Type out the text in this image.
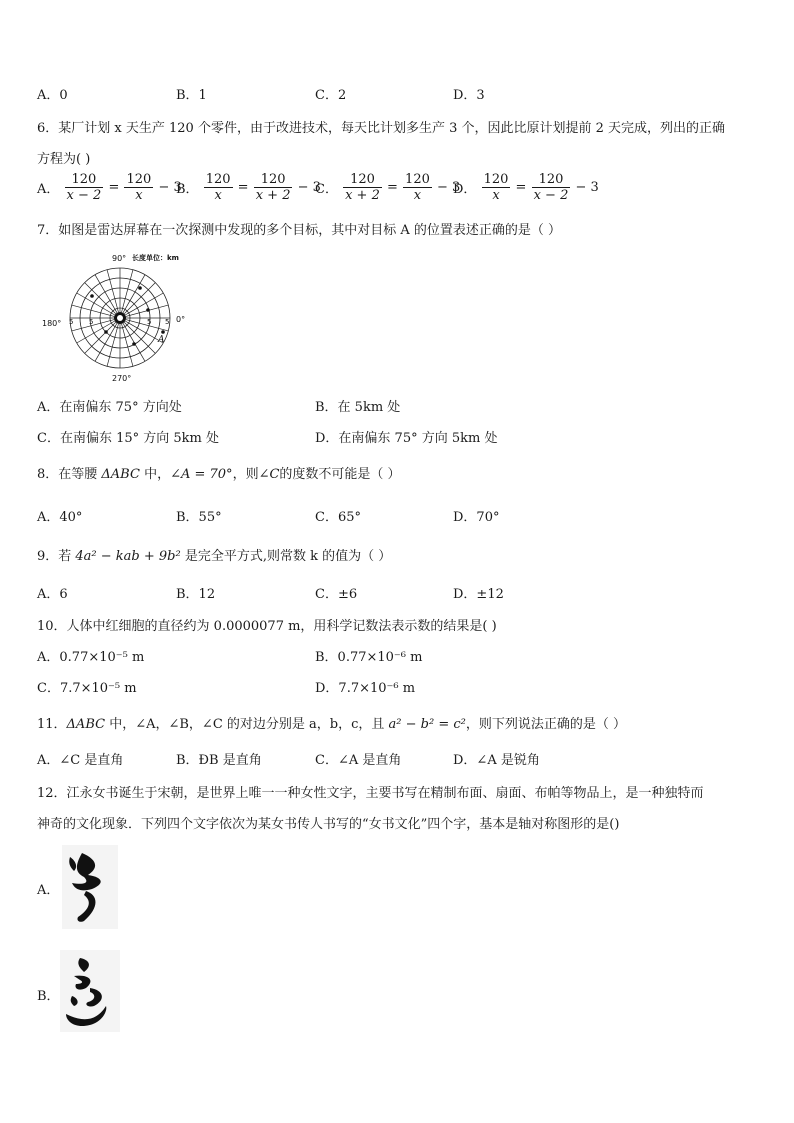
A．0	B．1	C．2	D．3
6．某厂计划 x 天生产 120 个零件，由于改进技术，每天比计划多生产 3 个，因此比原计划提前 2 天完成，列出的正确
方程为( )
A． $\frac{120}{x - 2} = \frac{120}{x} - 3$
B． $\frac{120}{x} = \frac{120}{x + 2} - 3$
C． $\frac{120}{x + 2} = \frac{120}{x} - 3$
D． $\frac{120}{x} = \frac{120}{x - 2} - 3$
7．如图是雷达屏幕在一次探测中发现的多个目标，其中对目标 A 的位置表述正确的是（ ）
90° 长度单位：km
180°	0°
270°
5 5	5 5
A
A．在南偏东 75° 方向处	B．在 5km 处
C．在南偏东 15° 方向 5km 处	D．在南偏东 75° 方向 5km 处
8．在等腰 ΔABC 中，∠A = 70°，则∠C的度数不可能是（ ）
A．40°	B．55°	C．65°	D．70°
9．若 4a² − kab + 9b² 是完全平方式,则常数 k 的值为（ ）
A．6	B．12	C．±6	D．±12
10．人体中红细胞的直径约为 0.0000077 m，用科学记数法表示数的结果是( )
A．0.77×10⁻⁵ m	B．0.77×10⁻⁶ m
C．7.7×10⁻⁵ m	D．7.7×10⁻⁶ m
11．ΔABC 中，∠A，∠B，∠C 的对边分别是 a，b，c，且 a² − b² = c²，则下列说法正确的是（ ）
A．∠C 是直角	B．ÐB 是直角	C．∠A 是直角	D．∠A 是锐角
12．江永女书诞生于宋朝，是世界上唯一一种女性文字，主要书写在精制布面、扇面、布帕等物品上，是一种独特而
神奇的文化现象．下列四个文字依次为某女书传人书写的“女书文化”四个字，基本是轴对称图形的是()
A．
B．
